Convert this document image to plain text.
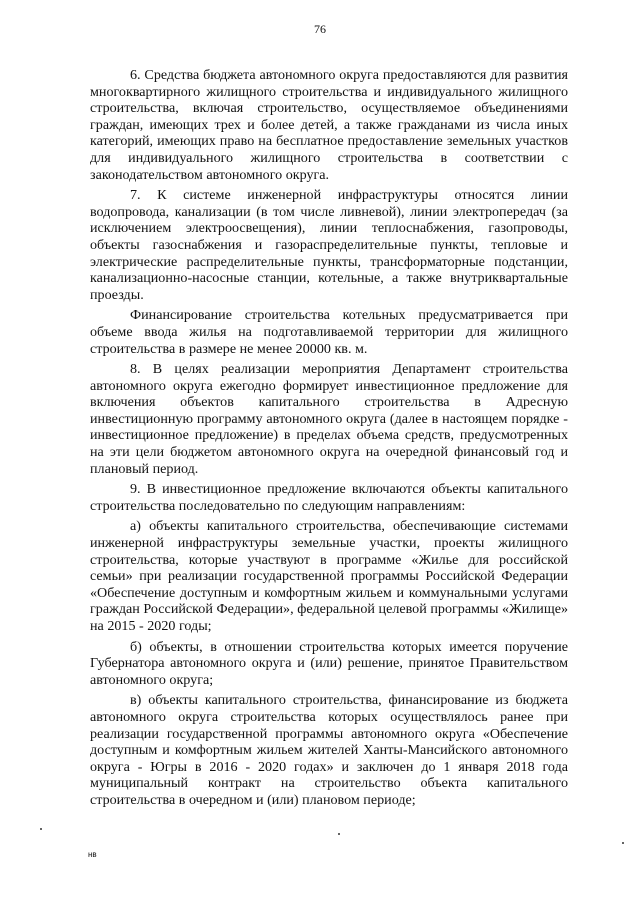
76

6. Средства бюджета автономного округа предоставляются для развития многоквартирного жилищного строительства и индивидуального жилищного строительства, включая строительство, осуществляемое объединениями граждан, имеющих трех и более детей, а также гражданами из числа иных категорий, имеющих право на бесплатное предоставление земельных участков для индивидуального жилищного строительства в соответствии с законодательством автономного округа.

7. К системе инженерной инфраструктуры относятся линии водопровода, канализации (в том числе ливневой), линии электропередач (за исключением электроосвещения), линии теплоснабжения, газопроводы, объекты газоснабжения и газораспределительные пункты, тепловые и электрические распределительные пункты, трансформаторные подстанции, канализационно-насосные станции, котельные, а также внутриквартальные проезды.

Финансирование строительства котельных предусматривается при объеме ввода жилья на подготавливаемой территории для жилищного строительства в размере не менее 20000 кв. м.

8. В целях реализации мероприятия Департамент строительства автономного округа ежегодно формирует инвестиционное предложение для включения объектов капитального строительства в Адресную инвестиционную программу автономного округа (далее в настоящем порядке - инвестиционное предложение) в пределах объема средств, предусмотренных на эти цели бюджетом автономного округа на очередной финансовый год и плановый период.

9. В инвестиционное предложение включаются объекты капитального строительства последовательно по следующим направлениям:

а) объекты капитального строительства, обеспечивающие системами инженерной инфраструктуры земельные участки, проекты жилищного строительства, которые участвуют в программе «Жилье для российской семьи» при реализации государственной программы Российской Федерации «Обеспечение доступным и комфортным жильем и коммунальными услугами граждан Российской Федерации», федеральной целевой программы «Жилище» на 2015 - 2020 годы;

б) объекты, в отношении строительства которых имеется поручение Губернатора автономного округа и (или) решение, принятое Правительством автономного округа;

в) объекты капитального строительства, финансирование из бюджета автономного округа строительства которых осуществлялось ранее при реализации государственной программы автономного округа «Обеспечение доступным и комфортным жильем жителей Ханты-Мансийского автономного округа - Югры в 2016 - 2020 годах» и заключен до 1 января 2018 года муниципальный контракт на строительство объекта капитального строительства в очередном и (или) плановом периоде;

нв
